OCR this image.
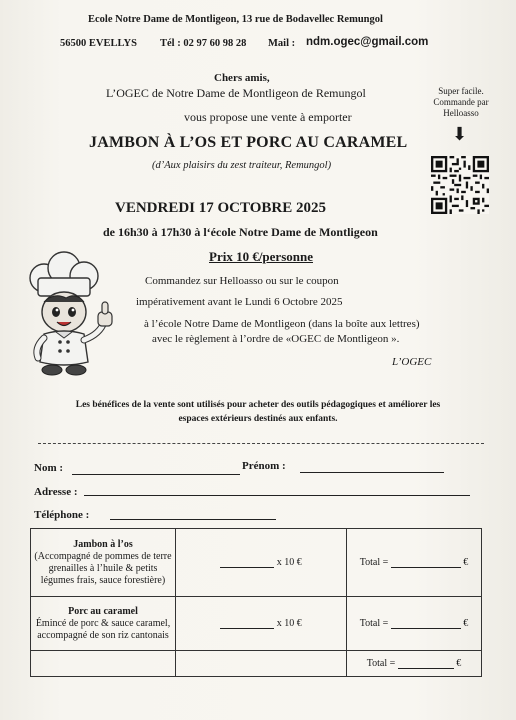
Ecole Notre Dame de Montligeon, 13 rue de Bodavellec Remungol
56500 EVELLYS Tél : 02 97 60 98 28 Mail : ndm.ogec@gmail.com
Chers amis,
L’OGEC de Notre Dame de Montligeon de Remungol
vous propose une vente à emporter
Super facile.
Commande par
Helloasso
⬇
JAMBON À L’OS ET PORC AU CARAMEL
(d’Aux plaisirs du zest traiteur, Remungol)
VENDREDI 17 OCTOBRE 2025
de 16h30 à 17h30 à l‘école Notre Dame de Montligeon
Prix 10 €/personne
Commandez sur Helloasso ou sur le coupon
impérativement avant le Lundi 6 Octobre 2025
à l’école Notre Dame de Montligeon (dans la boîte aux lettres)
avec le règlement à l’ordre de «OGEC de Montligeon ».
L’OGEC
Les bénéfices de la vente sont utilisés pour acheter des outils pédagogiques et améliorer les
espaces extérieurs destinés aux enfants.
Nom :	Prénom :
Adresse :
Téléphone :
Jambon à l’os
(Accompagné de pommes de terre grenailles à l’huile & petits légumes frais, sauce forestière)	x 10 €	Total = €

Porc au caramel
Émincé de porc & sauce caramel, accompagné de son riz cantonais	x 10 €	Total = €
		Total = €
